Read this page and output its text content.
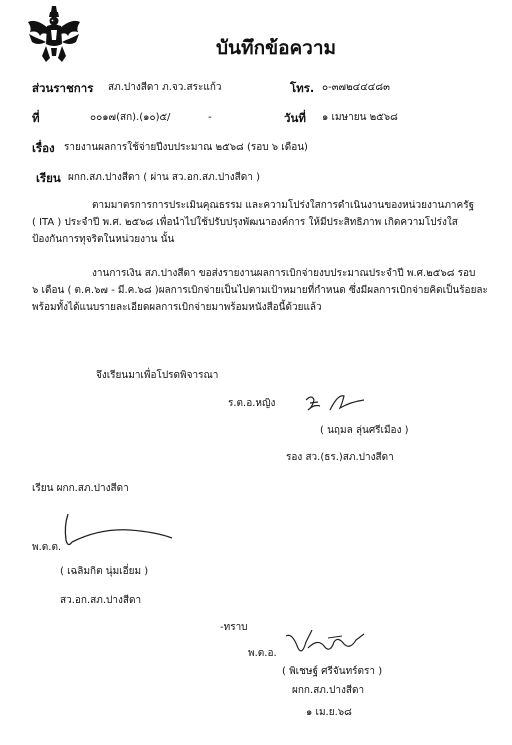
บันทึกข้อความ
ส่วนราชการ สภ.ปางสีดา ภ.จว.สระแก้ว	โทร. ๐-๓๗๒๔๔๔๘๓
ที่	๐๐๑๗(สก).(๑๐)๕/	-	วันที่ ๑ เมษายน ๒๕๖๘
เรื่อง รายงานผลการใช้จ่ายปีงบประมาณ ๒๕๖๘ (รอบ ๖ เดือน)
เรียน ผกก.สภ.ปางสีดา ( ผ่าน สว.อก.สภ.ปางสีดา )
ตามมาตรการการประเมินคุณธรรม และความโปร่งใสการดำเนินงานของหน่วยงานภาครัฐ
( ITA ) ประจำปี พ.ศ. ๒๕๖๘ เพื่อนำไปใช้ปรับปรุงพัฒนาองค์การ ให้มีประสิทธิภาพ เกิดความโปร่งใส
ป้องกันการทุจริตในหน่วยงาน นั้น
งานการเงิน สภ.ปางสีดา ขอส่งรายงานผลการเบิกจ่ายงบประมาณประจำปี พ.ศ.๒๕๖๘ รอบ
๖ เดือน ( ต.ค.๖๗ - มี.ค.๖๘ )ผลการเบิกจ่ายเป็นไปตามเป้าหมายที่กำหนด ซึ่งมีผลการเบิกจ่ายคิดเป็นร้อยละ
พร้อมทั้งได้แนบรายละเอียดผลการเบิกจ่ายมาพร้อมหนังสือนี้ด้วยแล้ว
จึงเรียนมาเพื่อโปรดพิจารณา
ร.ต.อ.หญิง
( นฤมล ลุ่นศรีเมือง )
รอง สว.(ธร.)สภ.ปางสีดา
เรียน ผกก.สภ.ปางสีดา
พ.ต.ต.
( เฉลิมกิต นุ่มเอี่ยม )
สว.อก.สภ.ปางสีดา
-ทราบ
พ.ต.อ.
( พิเชษฐ์ ศรีจันทร์ตรา )
ผกก.สภ.ปางสีดา
๑ เม.ย.๖๘
